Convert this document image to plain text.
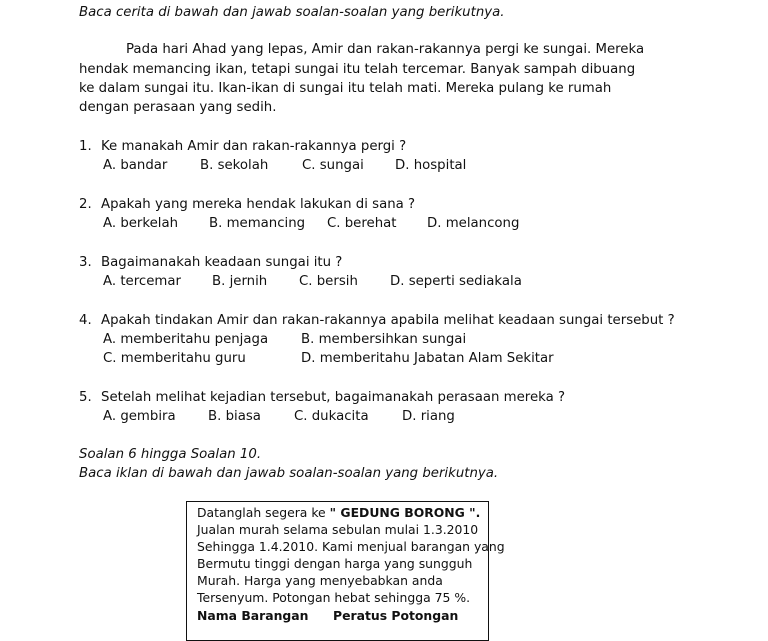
Baca cerita di bawah dan jawab soalan-soalan yang berikutnya.
Pada hari Ahad yang lepas, Amir dan rakan-rakannya pergi ke sungai. Mereka
hendak memancing ikan, tetapi sungai itu telah tercemar. Banyak sampah dibuang
ke dalam sungai itu. Ikan-ikan di sungai itu telah mati. Mereka pulang ke rumah
dengan perasaan yang sedih.
1. Ke manakah Amir dan rakan-rakannya pergi ?
A. bandar B. sekolah	C. sungai D. hospital
2. Apakah yang mereka hendak lakukan di sana ?
A. berkelah B. memancing C. berehat D. melancong
3. Bagaimanakah keadaan sungai itu ?
A. tercemar B. jernih C. bersih D. seperti sediakala
4. Apakah tindakan Amir dan rakan-rakannya apabila melihat keadaan sungai tersebut ?
A. memberitahu penjaga B. membersihkan sungai
C. memberitahu guru	D. memberitahu Jabatan Alam Sekitar
5. Setelah melihat kejadian tersebut, bagaimanakah perasaan mereka ?
A. gembira B. biasa C. dukacita	D. riang
Soalan 6 hingga Soalan 10.
Baca iklan di bawah dan jawab soalan-soalan yang berikutnya.
Datanglah segera ke " GEDUNG BORONG ".
Jualan murah selama sebulan mulai 1.3.2010
Sehingga 1.4.2010. Kami menjual barangan yang
Bermutu tinggi dengan harga yang sungguh
Murah. Harga yang menyebabkan anda
Tersenyum. Potongan hebat sehingga 75 %.
Nama Barangan Peratus Potongan
